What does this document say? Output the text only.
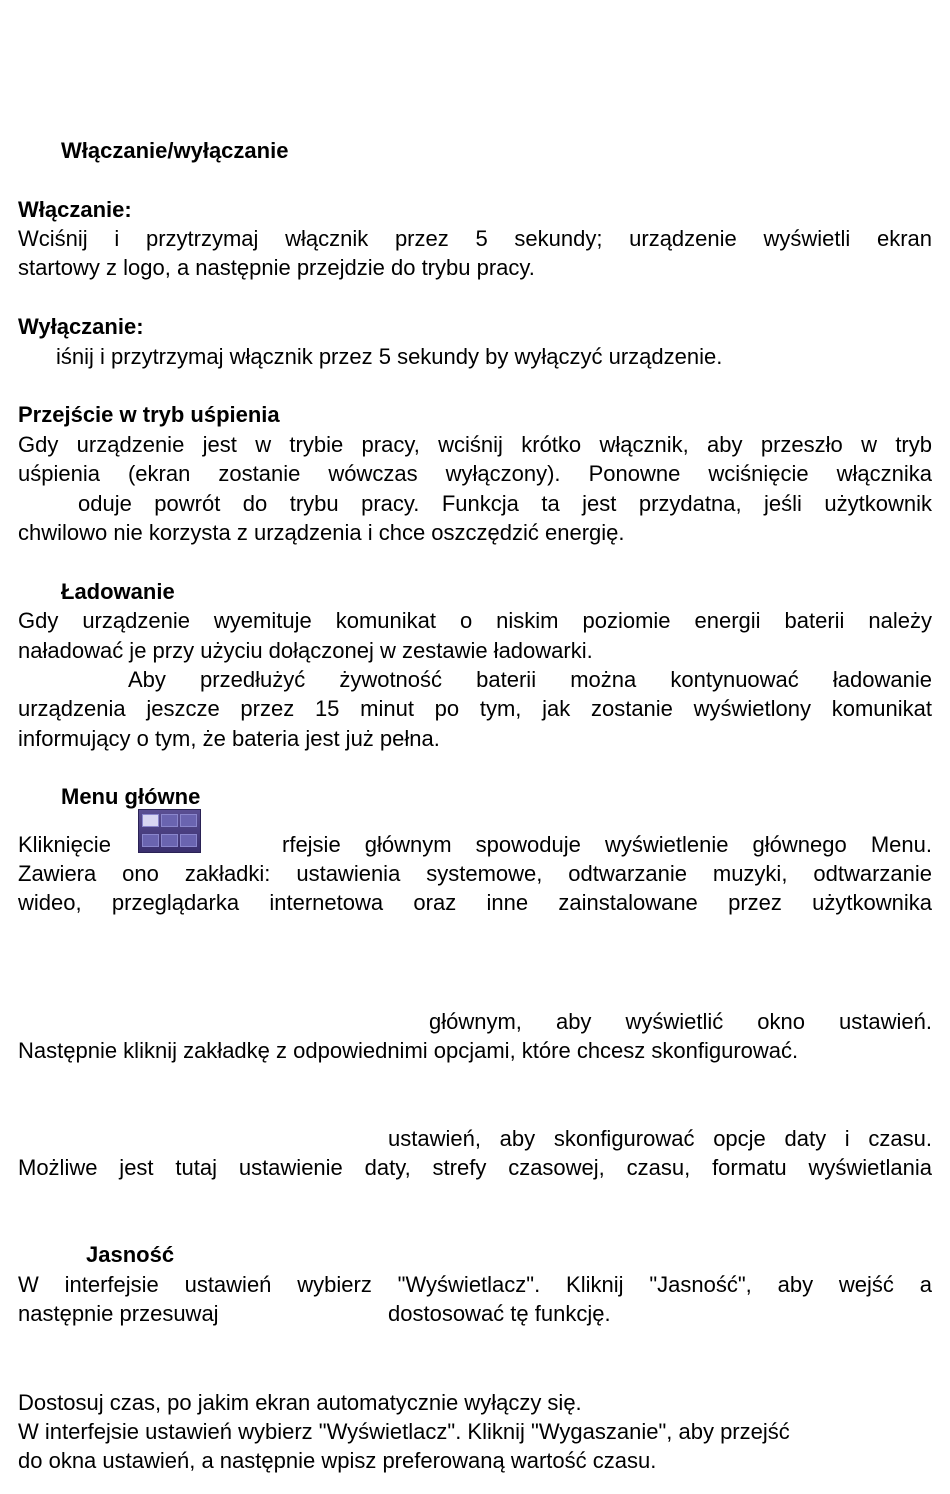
Włączanie/wyłączanie

Włączanie:

Wciśnij i przytrzymaj włącznik przez 5 sekundy; urządzenie wyświetli ekran

startowy z logo, a następnie przejdzie do trybu pracy.

Wyłączanie:

iśnij i przytrzymaj włącznik przez 5 sekundy by wyłączyć urządzenie.

Przejście w tryb uśpienia

Gdy urządzenie jest w trybie pracy, wciśnij krótko włącznik, aby przeszło w tryb

uśpienia (ekran zostanie wówczas wyłączony). Ponowne wciśnięcie włącznika

oduje powrót do trybu pracy. Funkcja ta jest przydatna, jeśli użytkownik

chwilowo nie korzysta z urządzenia i chce oszczędzić energię.

Ładowanie

Gdy urządzenie wyemituje komunikat o niskim poziomie energii baterii należy

naładować je przy użyciu dołączonej w zestawie ładowarki.

Aby przedłużyć żywotność baterii można kontynuować ładowanie

urządzenia jeszcze przez 15 minut po tym, jak zostanie wyświetlony komunikat

informujący o tym, że bateria jest już pełna.

Menu główne

Kliknięcie	rfejsie głównym spowoduje wyświetlenie głównego Menu.

Zawiera ono zakładki: ustawienia systemowe, odtwarzanie muzyki, odtwarzanie

wideo, przeglądarka internetowa oraz inne zainstalowane przez użytkownika

głównym, aby wyświetlić okno ustawień.

Następnie kliknij zakładkę z odpowiednimi opcjami, które chcesz skonfigurować.

ustawień, aby skonfigurować opcje daty i czasu.

Możliwe jest tutaj ustawienie daty, strefy czasowej, czasu, formatu wyświetlania

Jasność

W interfejsie ustawień wybierz "Wyświetlacz". Kliknij "Jasność", aby wejść a

następnie przesuwaj	dostosować tę funkcję.

Dostosuj czas, po jakim ekran automatycznie wyłączy się.

W interfejsie ustawień wybierz "Wyświetlacz". Kliknij "Wygaszanie", aby przejść

do okna ustawień, a następnie wpisz preferowaną wartość czasu.
